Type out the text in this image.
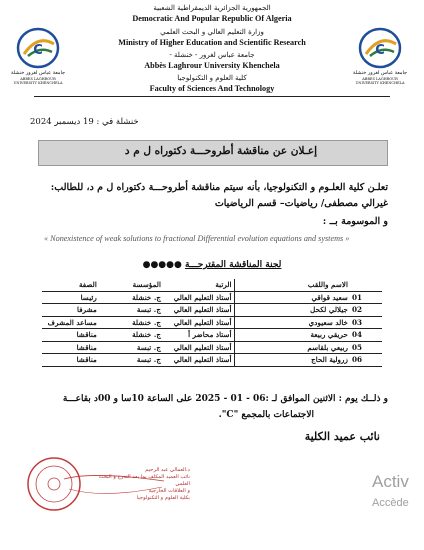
الجمهورية الجزائرية الديمقراطية الشعبية
Democratic And Popular Republic Of Algeria
وزارة التعليم العالي و البحث العلمي
Ministry of Higher Education and Scientific Research
جامعة عباس لغرور - خنشلة -
Abbès Laghrour University Khenchela
كلية العلوم و التكنولوجيا
Faculty of Sciences And Technology
C
جامعة عباس لغرور خنشلة
ABBES LAGHROUR UNIVERSITY KHENCHELA
C
جامعة عباس لغرور خنشلة
ABBES LAGHROUR UNIVERSITY KHENCHELA
خنشلة في : 19 ديسمبر 2024
إعـلان عن مناقشة أطروحـــة دكتوراه ل م د
تعلـن كلية العلـوم و التكنولوجيا، بأنه سيتم مناقشة أطروحـــة دكتوراه ل م د، للطالب:
غيرالي مصطفى/ رياضيات– قسم الرياضيات
و الموسومة بــ :
« Nonexistence of weak solutions to fractional Differential evolution equations and systems »
لجنة المناقشة المقترحـــة ●●●●●
	الاسم واللقب	الرتبة	المؤسسة	الصفة
01	سعيد قواقي	أستاذ التعليم العالي	ج. خنشلة	رئيسا
02	جيلالي لكحل	أستاذ التعليم العالي	ج. تبسة	مشرفا
03	خالد سعيودي	أستاذ التعليم العالي	ج. خنشلة	مساعد المشرف
04	حريقي ربيعة	أستاذ محاضر أ	ج. خنشلة	مناقشا
05	ربيعي بلقاسم	أستاذ التعليم العالي	ج. تبسة	مناقشا
06	زرولية الحاج	أستاذ التعليم العالي	ج. تبسة	مناقشا
و ذلــك يوم : الاثنين الموافق لـ :06 - 01 - 2025 على الساعة 10سا و 00د بقاعـــة
الاجتماعات بالمجمع "C".
نائب عميد الكلية
د.العمالي عبد الرحيم
نائب العميد المكلف بما بعد التدرج و البحث العلمي
و العلاقات الخارجية
بكلية العلوم و التكنولوجيا
Activ
Accède
